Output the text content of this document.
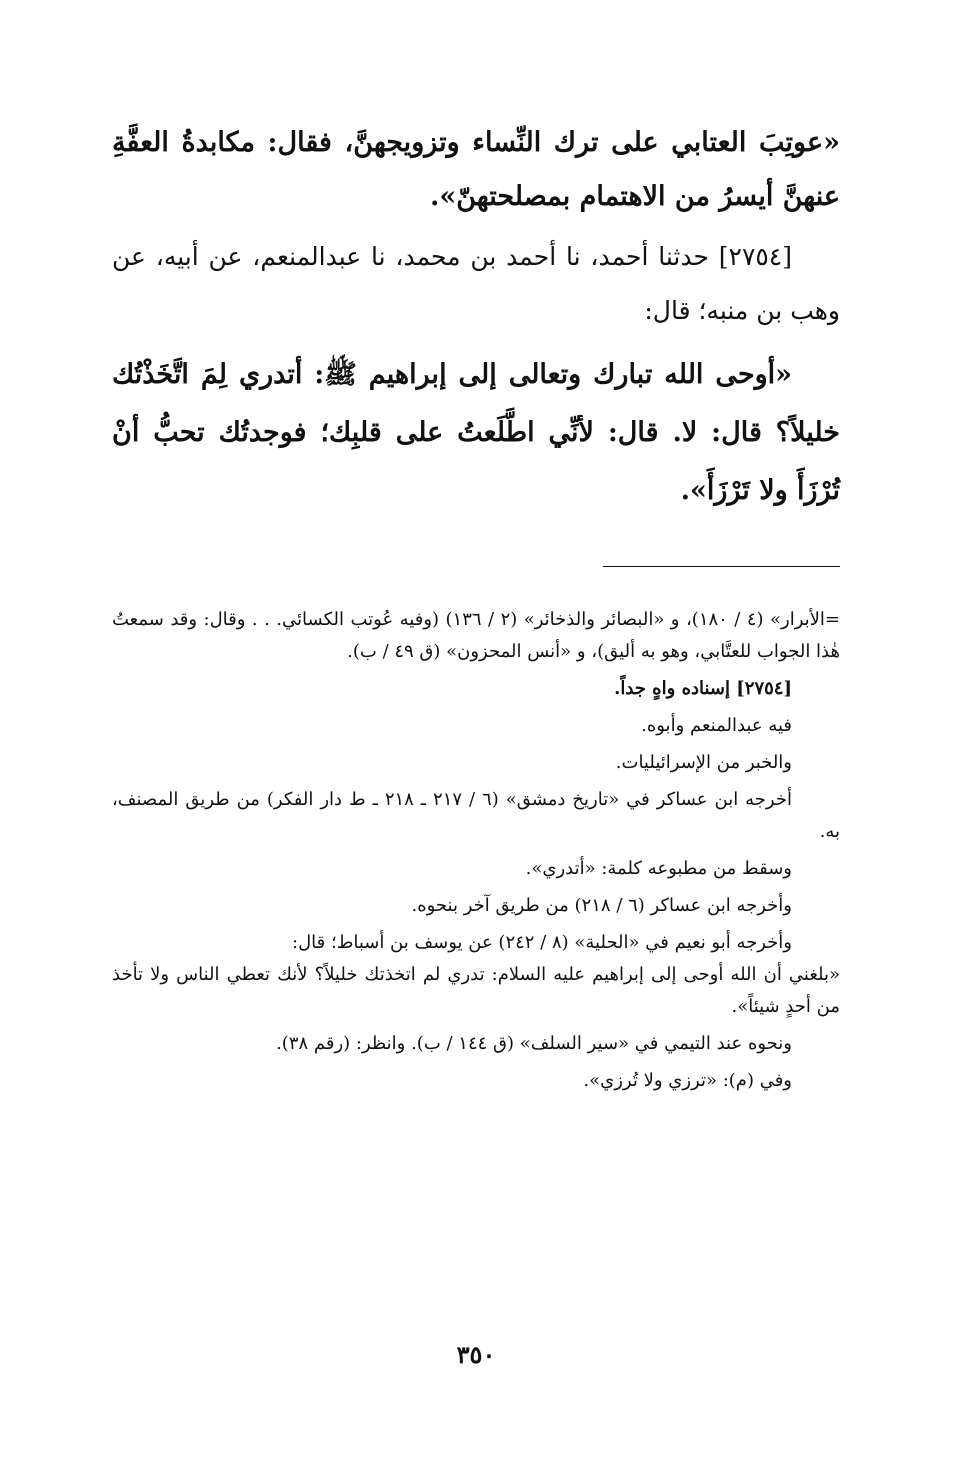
«عوتِبَ العتابي على ترك النِّساء وتزويجهنَّ، فقال: مكابدةُ العفَّةِ عنهنَّ أيسرُ من الاهتمام بمصلحتهنّ».

[٢٧٥٤] حدثنا أحمد، نا أحمد بن محمد، نا عبدالمنعم، عن أبيه، عن وهب بن منبه؛ قال:

«أوحى الله تبارك وتعالى إلى إبراهيم ﷺ: أتدري لِمَ اتَّخَذْتُك خليلاً؟ قال: لا. قال: لأنِّي اطَّلَعتُ على قلبِك؛ فوجدتُك تحبُّ أنْ تُرْزَأَ ولا تَرْزَأَ».

=الأبرار» (٤ / ١٨٠)، و «البصائر والذخائر» (٢ / ١٣٦) (وفيه عُوتب الكسائي. . . وقال: وقد سمعتُ هٰذا الجواب للعتَّابي، وهو به أليق)، و «أنس المحزون» (ق ٤٩ / ب).

[٢٧٥٤] إسناده واهٍ جداً.

فيه عبدالمنعم وأبوه.

والخبر من الإسرائيليات.

أخرجه ابن عساكر في «تاريخ دمشق» (٦ / ٢١٧ ـ ٢١٨ ـ ط دار الفكر) من طريق المصنف، به.

وسقط من مطبوعه كلمة: «أتدري».

وأخرجه ابن عساكر (٦ / ٢١٨) من طريق آخر بنحوه.

وأخرجه أبو نعيم في «الحلية» (٨ / ٢٤٢) عن يوسف بن أسباط؛ قال:

«بلغني أن الله أوحى إلى إبراهيم عليه السلام: تدري لم اتخذتك خليلاً؟ لأنك تعطي الناس ولا تأخذ من أحدٍ شيئاً».

ونحوه عند التيمي في «سير السلف» (ق ١٤٤ / ب). وانظر: (رقم ٣٨).

وفي (م): «ترزي ولا تُرزي».

٣٥٠
